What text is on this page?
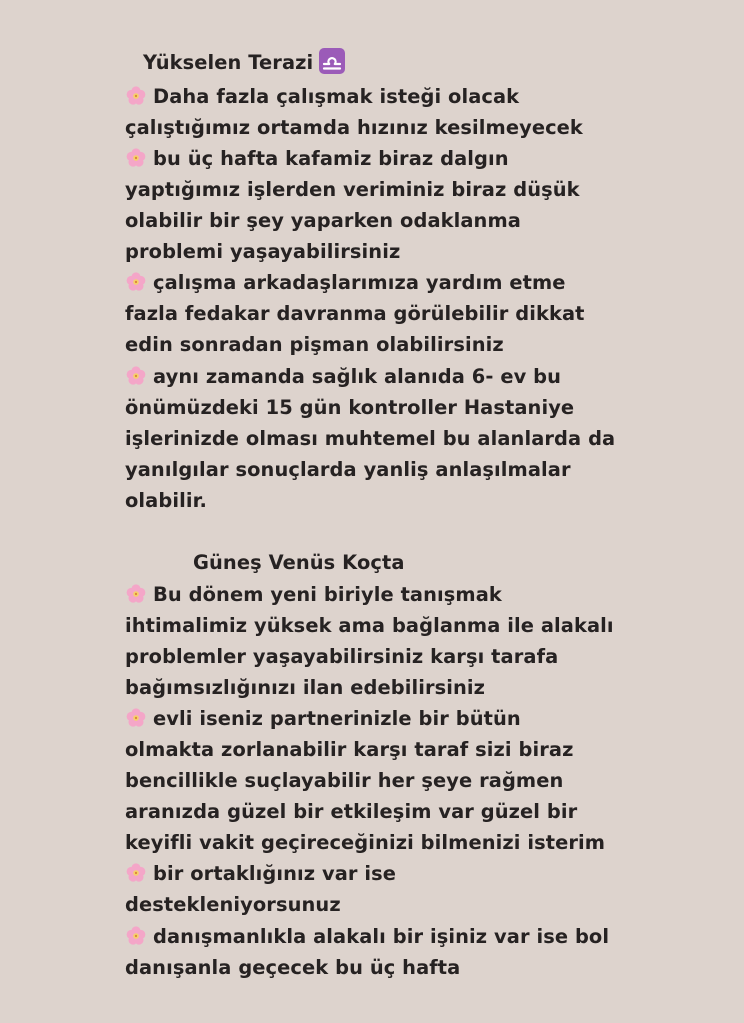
Yükselen Terazi
Daha fazla çalışmak isteği olacak
çalıştığımız ortamda hızınız kesilmeyecek
bu üç hafta kafamiz biraz dalgın
yaptığımız işlerden veriminiz biraz düşük
olabilir bir şey yaparken odaklanma
problemi yaşayabilirsiniz
çalışma arkadaşlarımıza yardım etme
fazla fedakar davranma görülebilir dikkat
edin sonradan pişman olabilirsiniz
aynı zamanda sağlık alanıda 6- ev bu
önümüzdeki 15 gün kontroller Hastaniye
işlerinizde olması muhtemel bu alanlarda da
yanılgılar sonuçlarda yanliş anlaşılmalar
olabilir.
Güneş Venüs Koçta
Bu dönem yeni biriyle tanışmak
ihtimalimiz yüksek ama bağlanma ile alakalı
problemler yaşayabilirsiniz karşı tarafa
bağımsızlığınızı ilan edebilirsiniz
evli iseniz partnerinizle bir bütün
olmakta zorlanabilir karşı taraf sizi biraz
bencillikle suçlayabilir her şeye rağmen
aranızda güzel bir etkileşim var güzel bir
keyifli vakit geçireceğinizi bilmenizi isterim
bir ortaklığınız var ise
destekleniyorsunuz
danışmanlıkla alakalı bir işiniz var ise bol
danışanla geçecek bu üç hafta
